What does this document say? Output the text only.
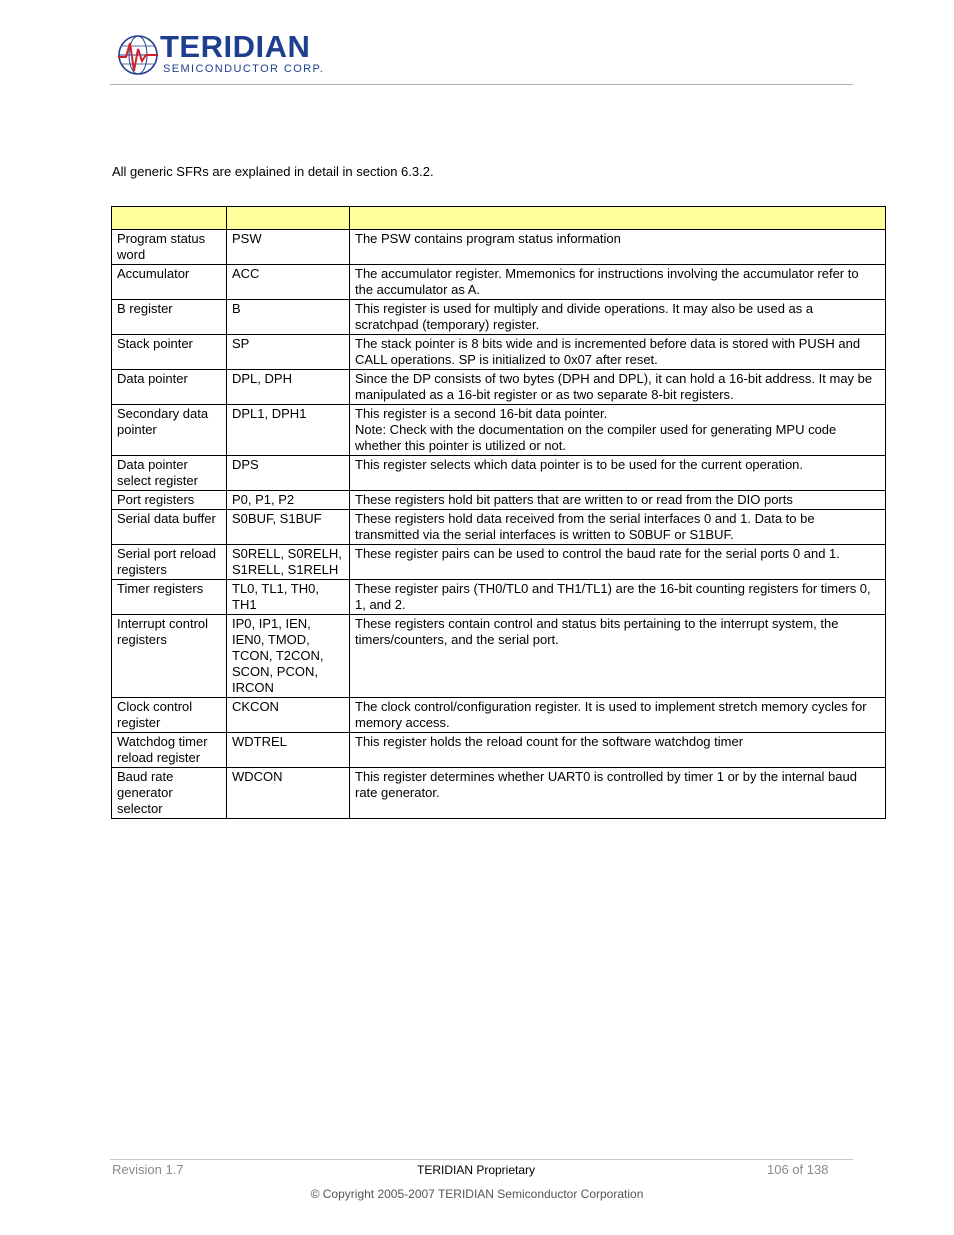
TERIDIAN
SEMICONDUCTOR CORP.
All generic SFRs are explained in detail in section 6.3.2.

Program status word	PSW	The PSW contains program status information

Accumulator	ACC	The accumulator register. Mmemonics for instructions involving the accumulator refer to the accumulator as A.

B register	B	This register is used for multiply and divide operations. It may also be used as a scratchpad (temporary) register.

Stack pointer	SP	The stack pointer is 8 bits wide and is incremented before data is stored with PUSH and CALL operations. SP is initialized to 0x07 after reset.

Data pointer	DPL, DPH	Since the DP consists of two bytes (DPH and DPL), it can hold a 16-bit address. It may be manipulated as a 16-bit register or as two separate 8-bit registers.

Secondary data pointer	DPL1, DPH1	This register is a second 16-bit data pointer.
Note: Check with the documentation on the compiler used for generating MPU code whether this pointer is utilized or not.

Data pointer select register	DPS	This register selects which data pointer is to be used for the current operation.

Port registers	P0, P1, P2	These registers hold bit patters that are written to or read from the DIO ports

Serial data buffer	S0BUF, S1BUF	These registers hold data received from the serial interfaces 0 and 1. Data to be transmitted via the serial interfaces is written to S0BUF or S1BUF.

Serial port reload registers	S0RELL, S0RELH, S1RELL, S1RELH	These register pairs can be used to control the baud rate for the serial ports 0 and 1.

Timer registers	TL0, TL1, TH0, TH1	These register pairs (TH0/TL0 and TH1/TL1) are the 16-bit counting registers for timers 0, 1, and 2.

Interrupt control registers	IP0, IP1, IEN, IEN0, TMOD, TCON, T2CON, SCON, PCON, IRCON	These registers contain control and status bits pertaining to the interrupt system, the timers/counters, and the serial port.

Clock control register	CKCON	The clock control/configuration register. It is used to implement stretch memory cycles for memory access.

Watchdog timer reload register	WDTREL	This register holds the reload count for the software watchdog timer

Baud rate generator selector	WDCON	This register determines whether UART0 is controlled by timer 1 or by the internal baud rate generator.
Revision 1.7	TERIDIAN Proprietary	106 of 138
© Copyright 2005-2007 TERIDIAN Semiconductor Corporation
